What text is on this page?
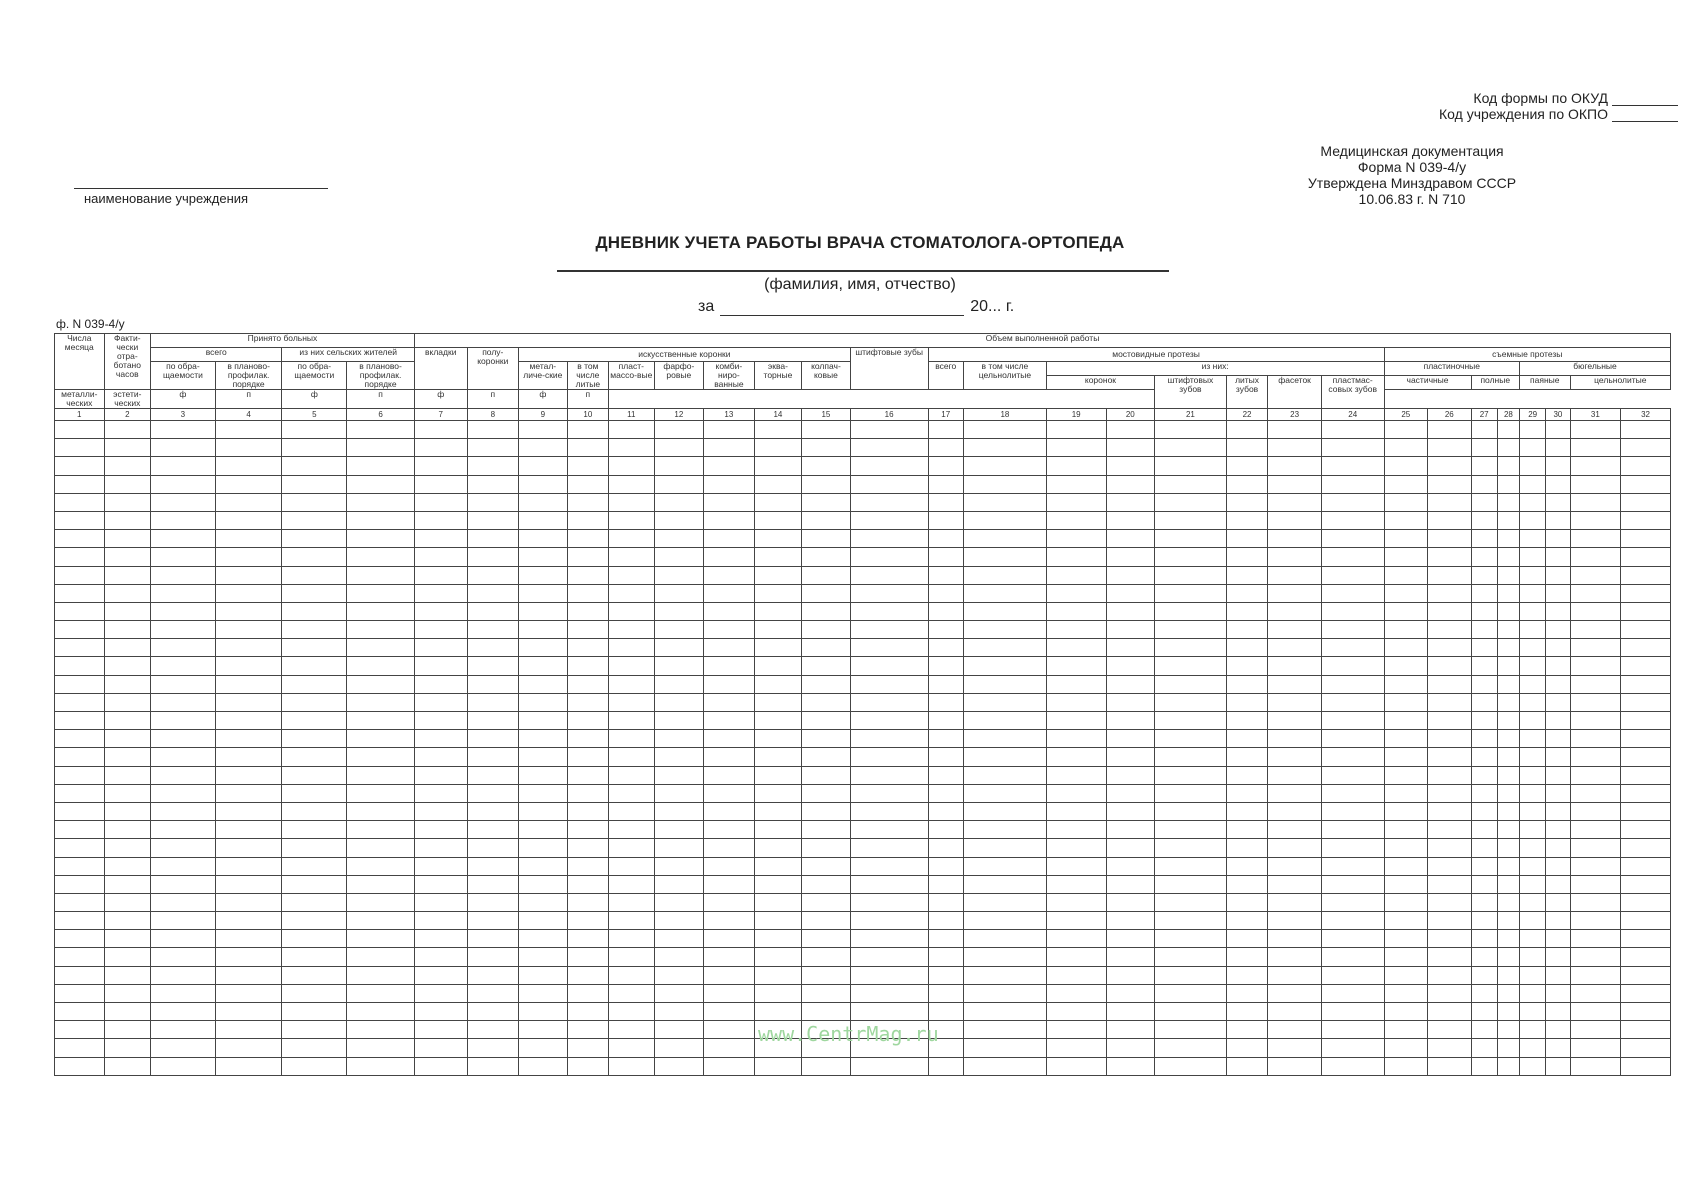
Код формы по ОКУД
Код учреждения по ОКПО
Медицинская документация
Форма N 039-4/у
Утверждена Минздравом СССР
10.06.83 г. N 710
наименование учреждения
ДНЕВНИК УЧЕТА РАБОТЫ ВРАЧА СТОМАТОЛОГА-ОРТОПЕДА
(фамилия, имя, отчество)
за	20... г.
ф. N 039-4/у
Числа месяца	Факти-чески отра-ботано часов	Принято больных				Объем выполненной работы																									
		всего		из них сельских жителей		вкладки	полу-коронки	искусственные коронки							штифтовые зубы	мостовидные протезы								съемные протезы							

		по обра-щаемости	в планово-профилак. порядке	по обра-щаемости	в планово-профилак. порядке			метал-личе-ские	в том числе литые	пласт-массо-вые	фарфо-ровые	комби-ниро-ванные	эква-торные	колпач-ковые		всего	в том числе цельнолитые	из них:						пластиночные				бюгельные			
																		коронок		штифтовых зубов	литых зубов	фасеток	пластмас-совых зубов	частичные		полные		паяные		цельнолитые	
металли-ческих	эстети-ческих	ф	п	ф	п	ф	п	ф	п																						
1	2	3	4	5	6	7	8	9	10	11	12	13	14	15	16	17	18	19	20	21	22	23	24	25	26	27	28	29	30	31	32

www.CentrMag.ru
